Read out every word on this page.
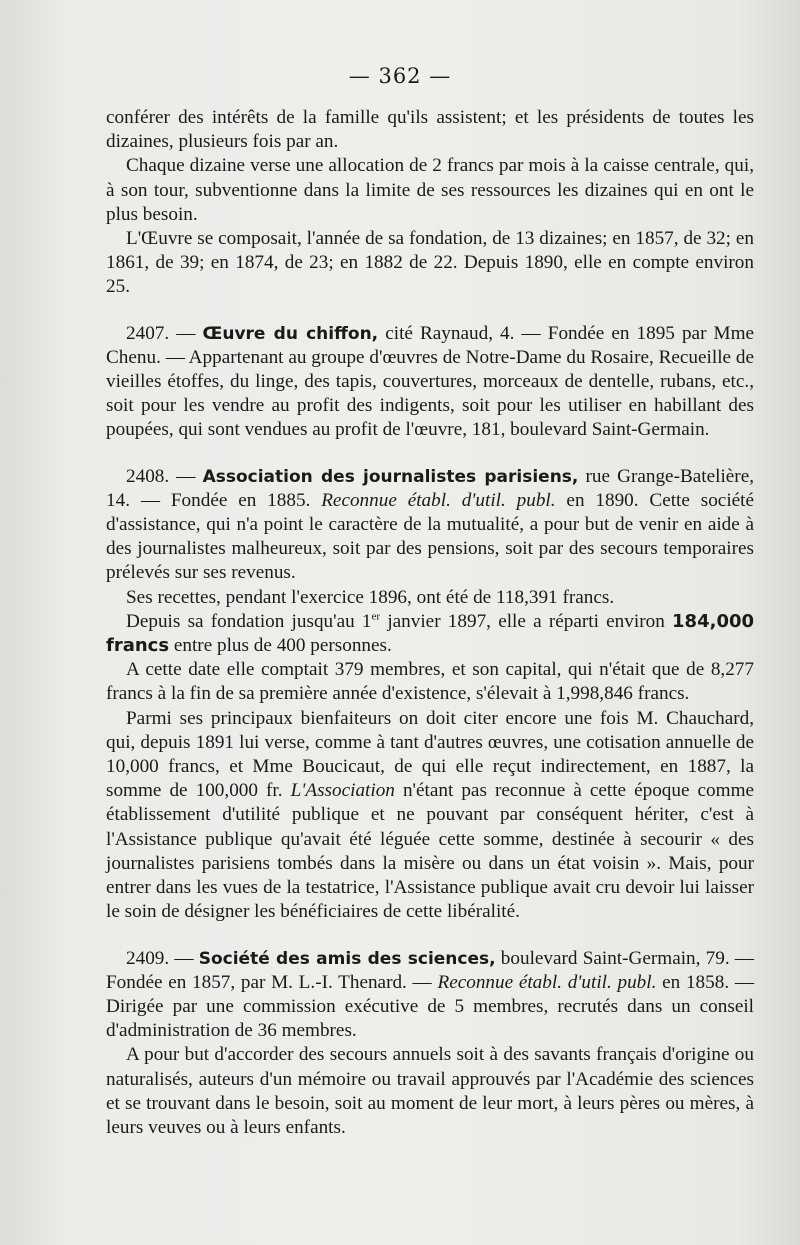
— 362 —

conférer des intérêts de la famille qu'ils assistent; et les présidents de toutes les dizaines, plusieurs fois par an.

Chaque dizaine verse une allocation de 2 francs par mois à la caisse centrale, qui, à son tour, subventionne dans la limite de ses ressources les dizaines qui en ont le plus besoin.

L'Œuvre se composait, l'année de sa fondation, de 13 dizaines; en 1857, de 32; en 1861, de 39; en 1874, de 23; en 1882 de 22. Depuis 1890, elle en compte environ 25.

2407. — Œuvre du chiffon, cité Raynaud, 4. — Fondée en 1895 par Mme Chenu. — Appartenant au groupe d'œuvres de Notre-Dame du Rosaire, Recueille de vieilles étoffes, du linge, des tapis, couvertures, morceaux de dentelle, rubans, etc., soit pour les vendre au profit des indigents, soit pour les utiliser en habillant des poupées, qui sont vendues au profit de l'œuvre, 181, boulevard Saint-Germain.

2408. — Association des journalistes parisiens, rue Grange-Batelière, 14. — Fondée en 1885. Reconnue établ. d'util. publ. en 1890. Cette société d'assistance, qui n'a point le caractère de la mutualité, a pour but de venir en aide à des journalistes malheureux, soit par des pensions, soit par des secours temporaires prélevés sur ses revenus.

Ses recettes, pendant l'exercice 1896, ont été de 118,391 francs.

Depuis sa fondation jusqu'au 1er janvier 1897, elle a réparti environ 184,000 francs entre plus de 400 personnes.

A cette date elle comptait 379 membres, et son capital, qui n'était que de 8,277 francs à la fin de sa première année d'existence, s'élevait à 1,998,846 francs.

Parmi ses principaux bienfaiteurs on doit citer encore une fois M. Chauchard, qui, depuis 1891 lui verse, comme à tant d'autres œuvres, une cotisation annuelle de 10,000 francs, et Mme Boucicaut, de qui elle reçut indirectement, en 1887, la somme de 100,000 fr. L'Association n'étant pas reconnue à cette époque comme établissement d'utilité publique et ne pouvant par conséquent hériter, c'est à l'Assistance publique qu'avait été léguée cette somme, destinée à secourir « des journalistes parisiens tombés dans la misère ou dans un état voisin ». Mais, pour entrer dans les vues de la testatrice, l'Assistance publique avait cru devoir lui laisser le soin de désigner les bénéficiaires de cette libéralité.

2409. — Société des amis des sciences, boulevard Saint-Germain, 79. — Fondée en 1857, par M. L.-I. Thenard. — Reconnue établ. d'util. publ. en 1858. — Dirigée par une commission exécutive de 5 membres, recrutés dans un conseil d'administration de 36 membres.

A pour but d'accorder des secours annuels soit à des savants français d'origine ou naturalisés, auteurs d'un mémoire ou travail approuvés par l'Académie des sciences et se trouvant dans le besoin, soit au moment de leur mort, à leurs pères ou mères, à leurs veuves ou à leurs enfants.
